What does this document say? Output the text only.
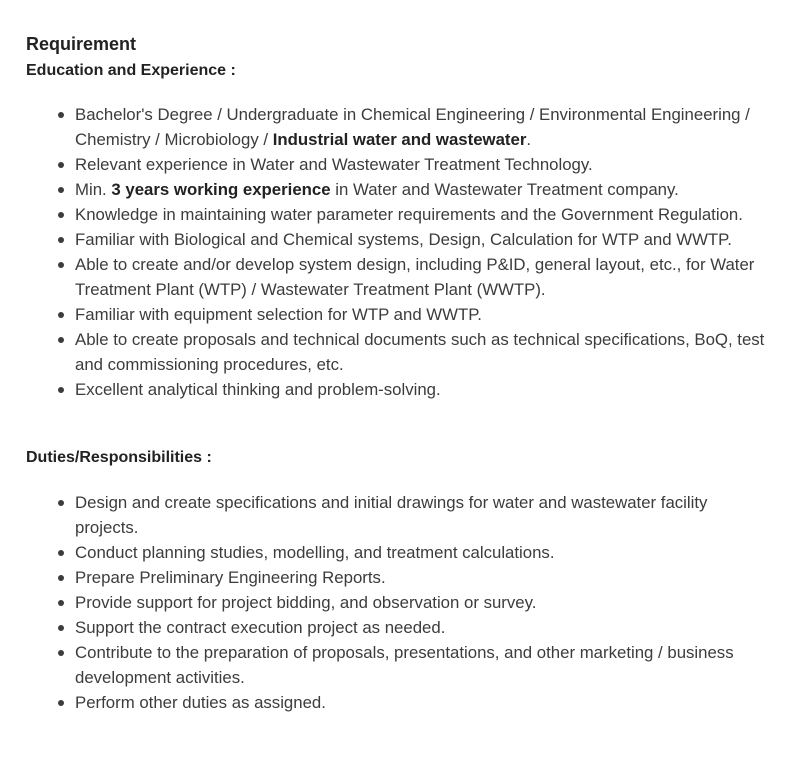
Requirement
Education and Experience :
Bachelor's Degree / Undergraduate in Chemical Engineering / Environmental Engineering / Chemistry / Microbiology / Industrial water and wastewater.
Relevant experience in Water and Wastewater Treatment Technology.
Min. 3 years working experience in Water and Wastewater Treatment company.
Knowledge in maintaining water parameter requirements and the Government Regulation.
Familiar with Biological and Chemical systems, Design, Calculation for WTP and WWTP.
Able to create and/or develop system design, including P&ID, general layout, etc., for Water Treatment Plant (WTP) / Wastewater Treatment Plant (WWTP).
Familiar with equipment selection for WTP and WWTP.
Able to create proposals and technical documents such as technical specifications, BoQ, test and commissioning procedures, etc.
Excellent analytical thinking and problem-solving.
Duties/Responsibilities :
Design and create specifications and initial drawings for water and wastewater facility projects.
Conduct planning studies, modelling, and treatment calculations.
Prepare Preliminary Engineering Reports.
Provide support for project bidding, and observation or survey.
Support the contract execution project as needed.
Contribute to the preparation of proposals, presentations, and other marketing / business development activities.
Perform other duties as assigned.
